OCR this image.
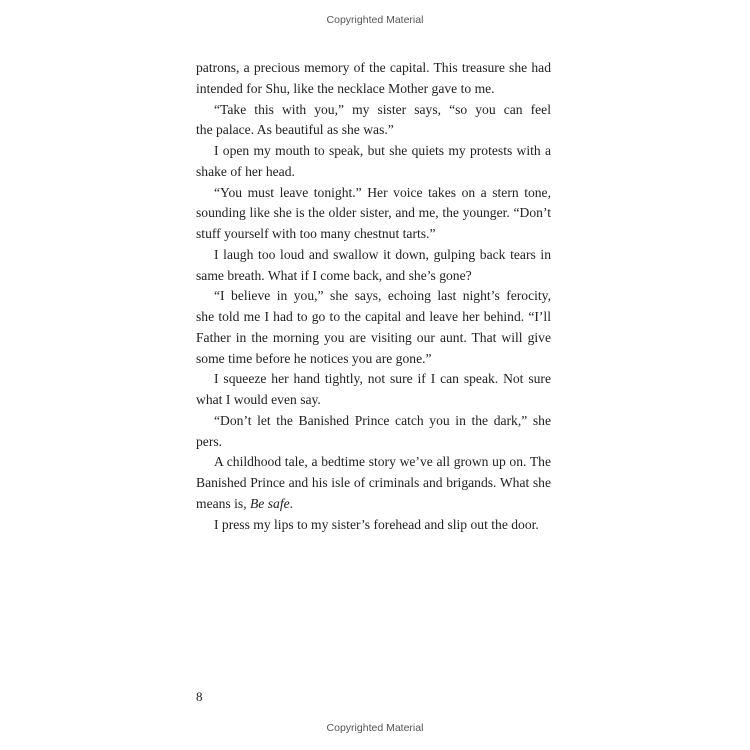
Copyrighted Material
patrons, a precious memory of the capital. This treasure she had
intended for Shu, like the necklace Mother gave to me.
“Take this with you,” my sister says, “so you can feel
the palace. As beautiful as she was.”
I open my mouth to speak, but she quiets my protests with a
shake of her head.
“You must leave tonight.” Her voice takes on a stern tone,
sounding like she is the older sister, and me, the younger. “Don’t
stuff yourself with too many chestnut tarts.”
I laugh too loud and swallow it down, gulping back tears in
same breath. What if I come back, and she’s gone?
“I believe in you,” she says, echoing last night’s ferocity,
she told me I had to go to the capital and leave her behind. “I’ll
Father in the morning you are visiting our aunt. That will give
some time before he notices you are gone.”
I squeeze her hand tightly, not sure if I can speak. Not sure
what I would even say.
“Don’t let the Banished Prince catch you in the dark,” she
pers.
A childhood tale, a bedtime story we’ve all grown up on. The
Banished Prince and his isle of criminals and brigands. What she
means is, Be safe.
I press my lips to my sister’s forehead and slip out the door.
8
Copyrighted Material
